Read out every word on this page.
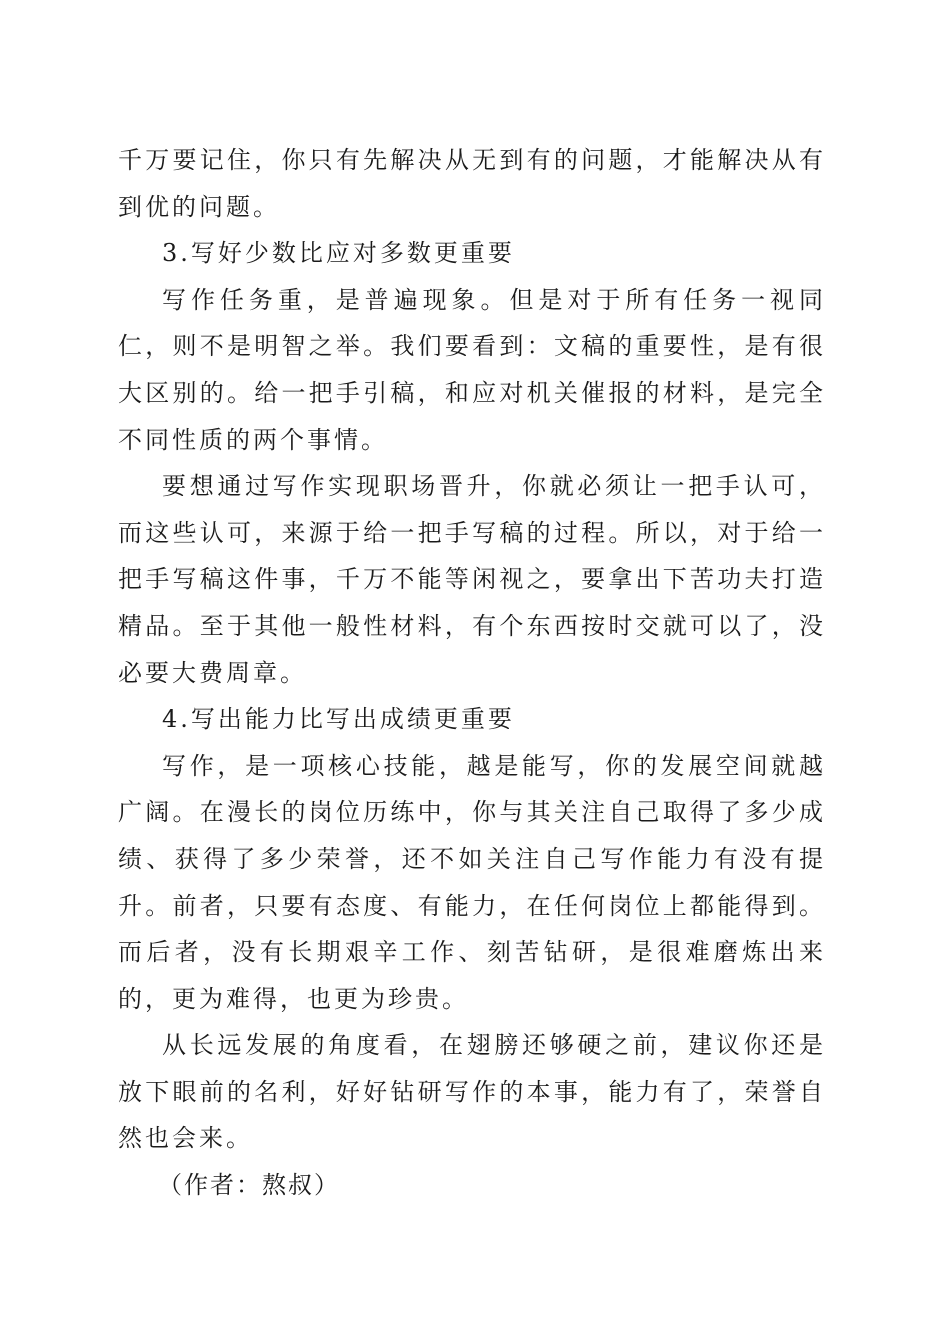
千万要记住，你只有先解决从无到有的问题，才能解决从有到优的问题。

3.写好少数比应对多数更重要

写作任务重，是普遍现象。但是对于所有任务一视同仁，则不是明智之举。我们要看到：文稿的重要性，是有很大区别的。给一把手引稿，和应对机关催报的材料，是完全不同性质的两个事情。

要想通过写作实现职场晋升，你就必须让一把手认可，而这些认可，来源于给一把手写稿的过程。所以，对于给一把手写稿这件事，千万不能等闲视之，要拿出下苦功夫打造精品。至于其他一般性材料，有个东西按时交就可以了，没必要大费周章。

4.写出能力比写出成绩更重要

写作，是一项核心技能，越是能写，你的发展空间就越广阔。在漫长的岗位历练中，你与其关注自己取得了多少成绩、获得了多少荣誉，还不如关注自己写作能力有没有提升。前者，只要有态度、有能力，在任何岗位上都能得到。而后者，没有长期艰辛工作、刻苦钻研，是很难磨炼出来的，更为难得，也更为珍贵。

从长远发展的角度看，在翅膀还够硬之前，建议你还是放下眼前的名利，好好钻研写作的本事，能力有了，荣誉自然也会来。

（作者：熬叔）
